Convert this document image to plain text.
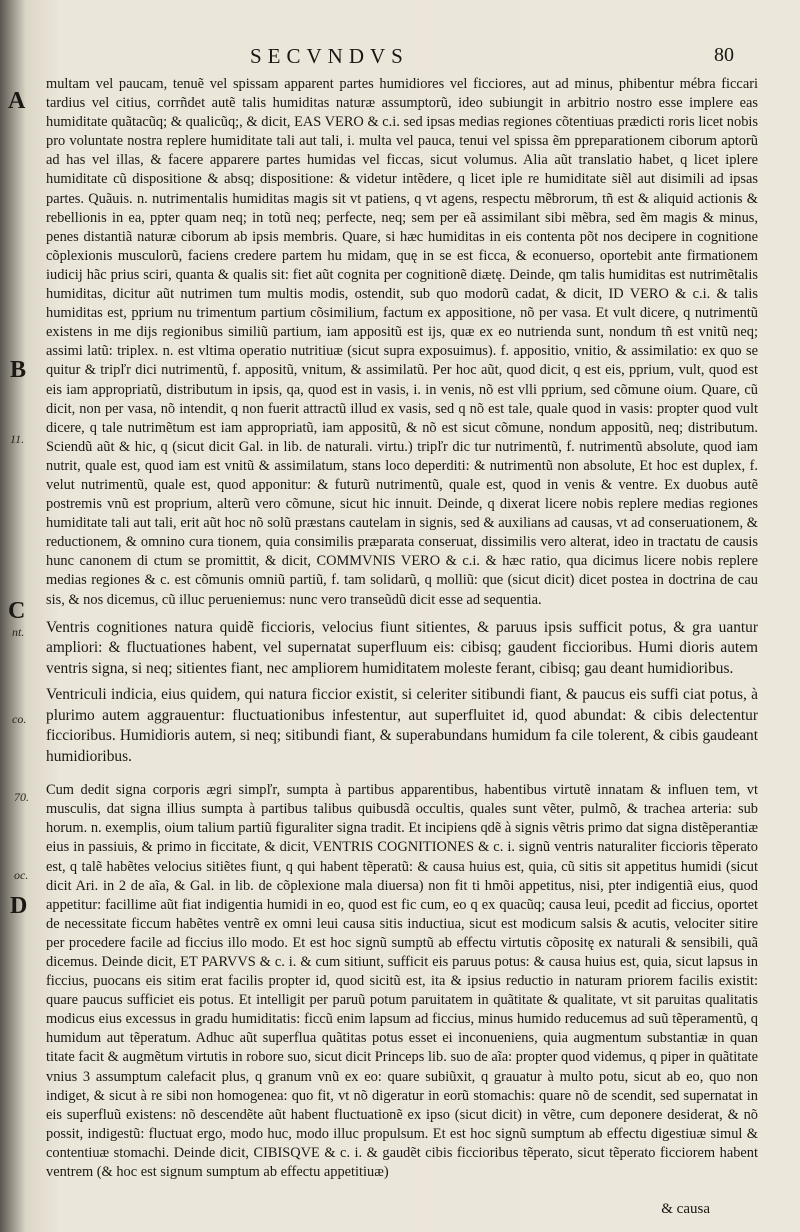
A
B
11.
C
nt.
co.
70.
oc.
D
SECVNDVS	80

multam vel paucam, tenuẽ vel spissam apparent partes humidiores vel ficciores, aut ad minus, phibentur mébra ficcari tardius vel citius, corrñdet autẽ talis humiditas naturæ assumptorũ, ideo subiungit in arbitrio nostro esse implere eas humiditate quãtacũq; & qualicũq;, & dicit, EAS VERO & c.i. sed ipsas medias regiones cõtentiuas prædicti roris licet nobis pro voluntate nostra replere humiditate tali aut tali, i. multa vel pauca, tenui vel spissa ẽm ppreparationem ciborum aptorũ ad has vel illas, & facere apparere partes humidas vel ficcas, sicut volumus. Alia aũt translatio habet, q licet iplere humiditate cũ dispositione & absq; dispositione: & videtur intẽdere, q licet iple re humiditate siẽl aut disimili ad ipsas partes. Quãuis. n. nutrimentalis humiditas magis sit vt patiens, q vt agens, respectu mẽbrorum, tñ est & aliquid actionis & rebellionis in ea, ppter quam neq; in totũ neq; perfecte, neq; sem per eã assimilant sibi mẽbra, sed ẽm magis & minus, penes distantiã naturæ ciborum ab ipsis membris. Quare, si hæc humiditas in eis contenta põt nos decipere in cognitione cõplexionis musculorũ, faciens credere partem hu midam, quę in se est ficca, & econuerso, oportebit ante firmationem iudicij hãc prius sciri, quanta & qualis sit: fiet aũt cognita per cognitionẽ diætę. Deinde, qm talis humiditas est nutrimẽtalis humiditas, dicitur aũt nutrimen tum multis modis, ostendit, sub quo modorũ cadat, & dicit, ID VERO & c.i. & talis humiditas est, pprium nu trimentum partium cõsimilium, factum ex appositione, nõ per vasa. Et vult dicere, q nutrimentũ existens in me dijs regionibus similiũ partium, iam appositũ est ijs, quæ ex eo nutrienda sunt, nondum tñ est vnitũ neq; assimi latũ: triplex. n. est vltima operatio nutritiuæ (sicut supra exposuimus). f. appositio, vnitio, & assimilatio: ex quo se quitur & tripľr dici nutrimentũ, f. appositũ, vnitum, & assimilatũ. Per hoc aũt, quod dicit, q est eis, pprium, vult, quod est eis iam appropriatũ, distributum in ipsis, qa, quod est in vasis, i. in venis, nõ est vlli pprium, sed cõmune oium. Quare, cũ dicit, non per vasa, nõ intendit, q non fuerit attractũ illud ex vasis, sed q nõ est tale, quale quod in vasis: propter quod vult dicere, q tale nutrimẽtum est iam appropriatũ, iam appositũ, & nõ est sicut cõmune, nondum appositũ, neq; distributum. Sciendũ aũt & hic, q (sicut dicit Gal. in lib. de naturali. virtu.) tripľr dic tur nutrimentũ, f. nutrimentũ absolute, quod iam nutrit, quale est, quod iam est vnitũ & assimilatum, stans loco deperditi: & nutrimentũ non absolute, Et hoc est duplex, f. velut nutrimentũ, quale est, quod apponitur: & futurũ nutrimentũ, quale est, quod in venis & ventre. Ex duobus autẽ postremis vnũ est proprium, alterũ vero cõmune, sicut hic innuit. Deinde, q dixerat licere nobis replere medias regiones humiditate tali aut tali, erit aũt hoc nõ solũ præstans cautelam in signis, sed & auxilians ad causas, vt ad conseruationem, & reductionem, & omnino cura tionem, quia consimilis præparata conseruat, dissimilis vero alterat, ideo in tractatu de causis hunc canonem di ctum se promittit, & dicit, COMMVNIS VERO & c.i. & hæc ratio, qua dicimus licere nobis replere medias regiones & c. est cõmunis omniũ partiũ, f. tam solidarũ, q molliũ: que (sicut dicit) dicet postea in doctrina de cau sis, & nos dicemus, cũ illuc perueniemus: nunc vero transeũdũ dicit esse ad sequentia.

Ventris cognitiones natura quidẽ ficcioris, velocius fiunt sitientes, & paruus ipsis sufficit potus, & gra uantur ampliori: & fluctuationes habent, vel supernatat superfluum eis: cibisq; gaudent ficcioribus. Humi dioris autem ventris signa, si neq; sitientes fiant, nec ampliorem humiditatem moleste ferant, cibisq; gau deant humidioribus.

Ventriculi indicia, eius quidem, qui natura ficcior existit, si celeriter sitibundi fiant, & paucus eis suffi ciat potus, à plurimo autem aggrauentur: fluctuationibus infestentur, aut superfluitet id, quod abundat: & cibis delectentur ficcioribus. Humidioris autem, si neq; sitibundi fiant, & superabundans humidum fa cile tolerent, & cibis gaudeant humidioribus.

Cum dedit signa corporis ægri simpľr, sumpta à partibus apparentibus, habentibus virtutẽ innatam & influen tem, vt musculis, dat signa illius sumpta à partibus talibus quibusdã occultis, quales sunt vẽter, pulmõ, & trachea arteria: sub horum. n. exemplis, oium talium partiũ figuraliter signa tradit. Et incipiens qdẽ à signis vẽtris primo dat signa distẽperantiæ eius in passiuis, & primo in ficcitate, & dicit, VENTRIS COGNITIONES & c. i. signũ ventris naturaliter ficcioris tẽperato est, q talẽ habẽtes velocius sitiẽtes fiunt, q qui habent tẽperatũ: & causa huius est, quia, cũ sitis sit appetitus humidi (sicut dicit Ari. in 2 de aĩa, & Gal. in lib. de cõplexione mala diuersa) non fit ti hmõi appetitus, nisi, pter indigentiã eius, quod appetitur: facillime aũt fiat indigentia humidi in eo, quod est fic cum, eo q ex quacũq; causa leui, pcedit ad ficcius, oportet de necessitate ficcum habẽtes ventrẽ ex omni leui causa sitis inductiua, sicut est modicum salsis & acutis, velociter sitire per procedere facile ad ficcius illo modo. Et est hoc signũ sumptũ ab effectu virtutis cõpositę ex naturali & sensibili, quã dicemus. Deinde dicit, ET PARVVS & c. i. & cum sitiunt, sufficit eis paruus potus: & causa huius est, quia, sicut lapsus in ficcius, puocans eis sitim erat facilis propter id, quod sicitũ est, ita & ipsius reductio in naturam priorem facilis existit: quare paucus sufficiet eis potus. Et intelligit per paruũ potum paruitatem in quãtitate & qualitate, vt sit paruitas qualitatis modicus eius excessus in gradu humiditatis: ficcũ enim lapsum ad ficcius, minus humido reducemus ad suũ tẽperamentũ, q humidum aut tẽperatum. Adhuc aũt superflua quãtitas potus esset ei inconueniens, quia augmentum substantiæ in quan titate facit & augmẽtum virtutis in robore suo, sicut dicit Princeps lib. suo de aĩa: propter quod videmus, q piper in quãtitate vnius 3 assumptum calefacit plus, q granum vnũ ex eo: quare subiũxit, q grauatur à multo potu, sicut ab eo, quo non indiget, & sicut à re sibi non homogenea: quo fit, vt nõ digeratur in eorũ stomachis: quare nõ de scendit, sed supernatat in eis superfluũ existens: nõ descendẽte aũt habent fluctuationẽ ex ipso (sicut dicit) in vẽtre, cum deponere desiderat, & nõ possit, indigestũ: fluctuat ergo, modo huc, modo illuc propulsum. Et est hoc signũ sumptum ab effectu digestiuæ simul & contentiuæ stomachi. Deinde dicit, CIBISQVE & c. i. & gaudẽt cibis ficcioribus tẽperato, sicut tẽperato ficciorem habent ventrem (& hoc est signum sumptum ab effectu appetitiuæ)

& causa
